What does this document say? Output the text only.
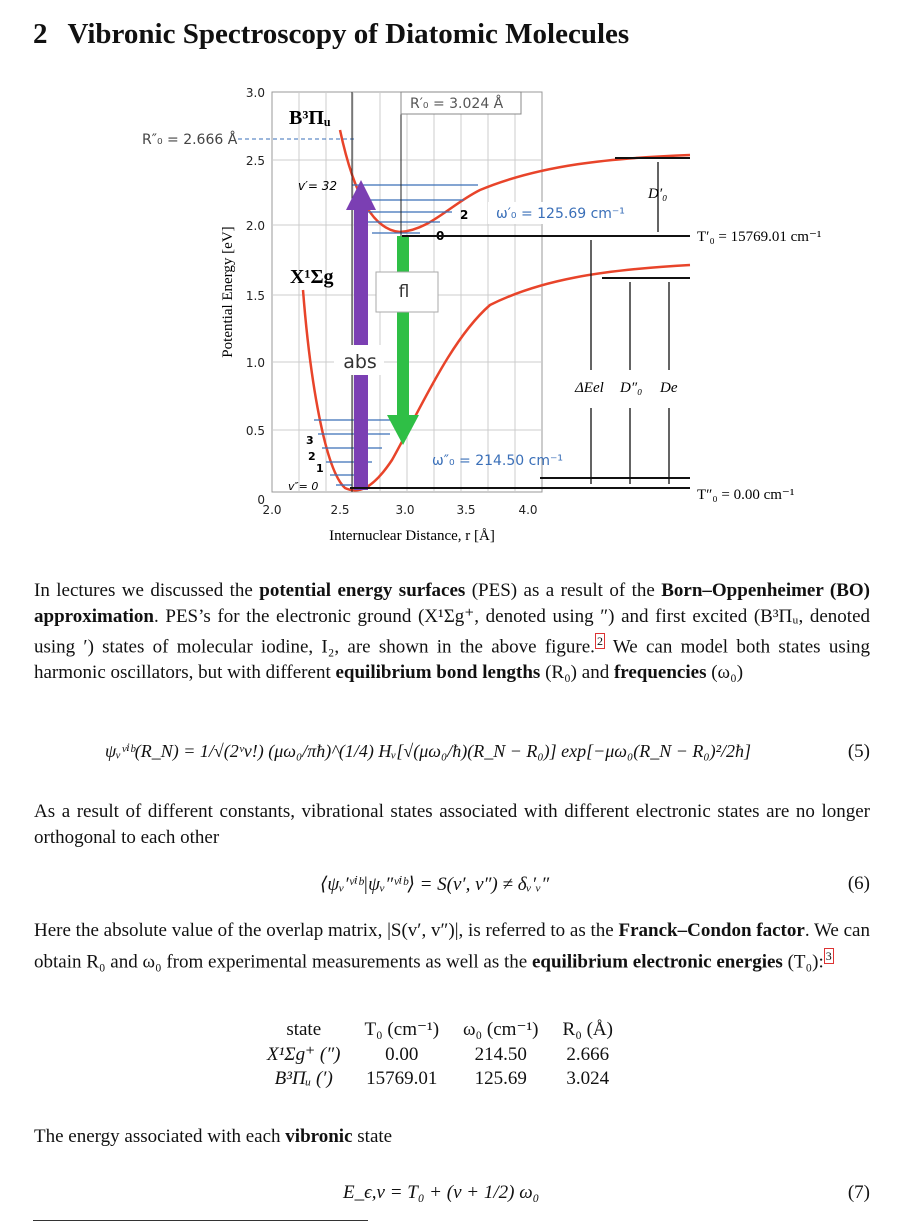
2 Vibronic Spectroscopy of Diatomic Molecules
3.0
2.5
2.0
1.5
1.0
0.5
0
2.0	2.5	3.0	3.5	4.0
Internuclear Distance, r [Å]
Potential Energy [eV]
abs
fl
B³Πᵤ
X¹Σg
v′= 32
R′₀ = 3.024 Å
R″₀ = 2.666 Å
2
0
3
2
1
v″= 0
ω′₀ = 125.69 cm⁻¹
ω″₀ = 214.50 cm⁻¹
D′₀
ΔEel D″₀ De
T′₀ = 15769.01 cm⁻¹
T″₀ = 0.00 cm⁻¹

In lectures we discussed the potential energy surfaces (PES) as a result of the Born–Oppenheimer (BO) approximation. PES’s for the electronic ground (X¹Σg⁺, denoted using ″) and first excited (B³Πᵤ, denoted using ′) states of molecular iodine, I₂, are shown in the above figure. $^2$ We can model both states using harmonic oscillators, but with different equilibrium bond lengths (R₀) and frequencies (ω₀)

ψᵥᵛⁱᵇ(R_N) = 1/√(2ᵛv!) (μω₀/πħ)^(1/4) Hᵥ[√(μω₀/ħ)(R_N − R₀)] exp[−μω₀(R_N − R₀)²/2ħ]	(5)

As a result of different constants, vibrational states associated with different electronic states are no longer orthogonal to each other

⟨ψᵥ′ᵛⁱᵇ|ψᵥ″ᵛⁱᵇ⟩ = S(v′, v″) ≠ δᵥ′ᵥ″	(6)

Here the absolute value of the overlap matrix, |S(v′, v″)|, is referred to as the Franck–Condon factor. We can obtain R₀ and ω₀ from experimental measurements as well as the equilibrium electronic energies (T₀): $^3$

state	T₀ (cm⁻¹)	ω₀ (cm⁻¹)	R₀ (Å)
X¹Σg⁺ (″)	0.00	214.50	2.666
B³Πᵤ (′)	15769.01	125.69	3.024

The energy associated with each vibronic state

E_ϵ,v = T₀ + (v + 1/2) ω₀	(7)
